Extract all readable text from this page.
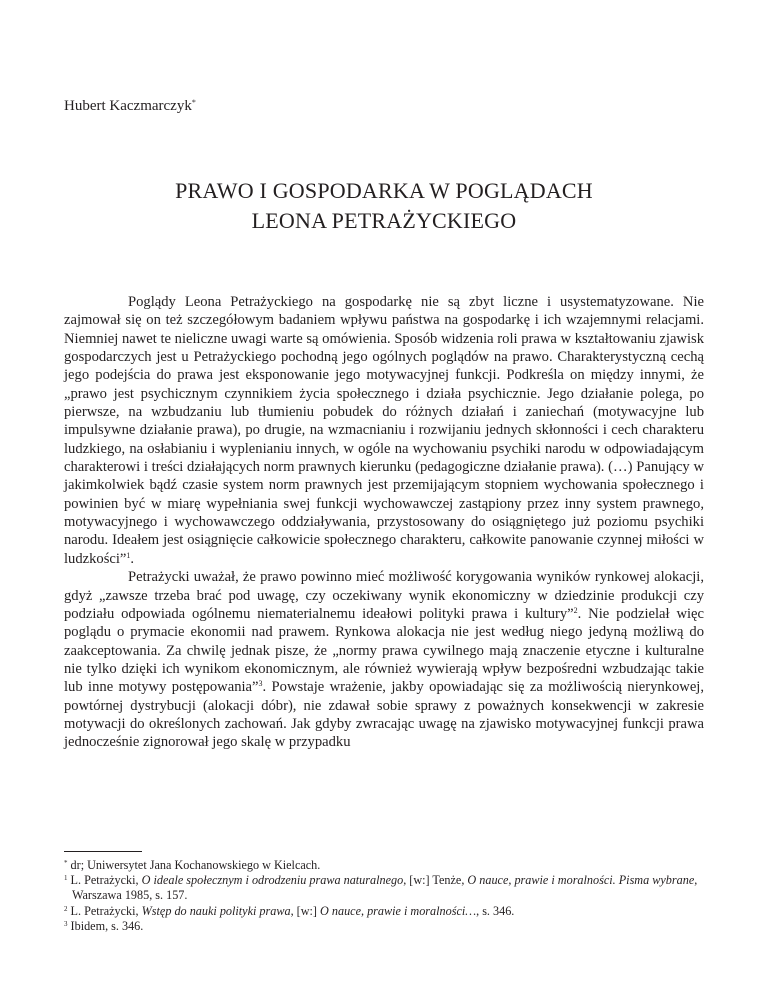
Hubert Kaczmarczyk*
PRAWO I GOSPODARKA W POGLĄDACH
LEONA PETRAŻYCKIEGO

Poglądy Leona Petrażyckiego na gospodarkę nie są zbyt liczne i usystematyzowane. Nie zajmował się on też szczegółowym badaniem wpływu państwa na gospodarkę i ich wzajemnymi relacjami. Niemniej nawet te nieliczne uwagi warte są omówienia. Sposób widzenia roli prawa w kształtowaniu zjawisk gospodarczych jest u Petrażyckiego pochodną jego ogólnych poglądów na prawo. Charakterystyczną cechą jego podejścia do prawa jest eksponowanie jego motywacyjnej funkcji. Podkreśla on między innymi, że „prawo jest psychicznym czynnikiem życia społecznego i działa psychicznie. Jego działanie polega, po pierwsze, na wzbudzaniu lub tłumieniu pobudek do różnych działań i zaniechań (motywacyjne lub impulsywne działanie prawa), po drugie, na wzmacnianiu i rozwijaniu jednych skłonności i cech charakteru ludzkiego, na osłabianiu i wyplenianiu innych, w ogóle na wychowaniu psychiki narodu w odpowiadającym charakterowi i treści działających norm prawnych kierunku (pedagogiczne działanie prawa). (…) Panujący w jakimkolwiek bądź czasie system norm prawnych jest przemijającym stopniem wychowania społecznego i powinien być w miarę wypełniania swej funkcji wychowawczej zastąpiony przez inny system prawnego, motywacyjnego i wychowawczego oddziaływania, przystosowany do osiągniętego już poziomu psychiki narodu. Ideałem jest osiągnięcie całkowicie społecznego charakteru, całkowite panowanie czynnej miłości w ludzkości”$^1$.

Petrażycki uważał, że prawo powinno mieć możliwość korygowania wyników rynkowej alokacji, gdyż „zawsze trzeba brać pod uwagę, czy oczekiwany wynik ekonomiczny w dziedzinie produkcji czy podziału odpowiada ogólnemu niematerialnemu ideałowi polityki prawa i kultury”$^2$. Nie podzielał więc poglądu o prymacie ekonomii nad prawem. Rynkowa alokacja nie jest według niego jedyną możliwą do zaakceptowania. Za chwilę jednak pisze, że „normy prawa cywilnego mają znaczenie etyczne i kulturalne nie tylko dzięki ich wynikom ekonomicznym, ale również wywierają wpływ bezpośredni wzbudzając takie lub inne motywy postępowania”$^3$. Powstaje wrażenie, jakby opowiadając się za możliwością nierynkowej, powtórnej dystrybucji (alokacji dóbr), nie zdawał sobie sprawy z poważnych konsekwencji w zakresie motywacji do określonych zachowań. Jak gdyby zwracając uwagę na zjawisko motywacyjnej funkcji prawa jednocześnie zignorował jego skalę w przypadku

* dr; Uniwersytet Jana Kochanowskiego w Kielcach.

$^1$ L. Petrażycki, O ideale społecznym i odrodzeniu prawa naturalnego, [w:] Tenże, O nauce, prawie i moralności. Pisma wybrane, Warszawa 1985, s. 157.

$^2$ L. Petrażycki, Wstęp do nauki polityki prawa, [w:] O nauce, prawie i moralności…, s. 346.

$^3$ Ibidem, s. 346.
